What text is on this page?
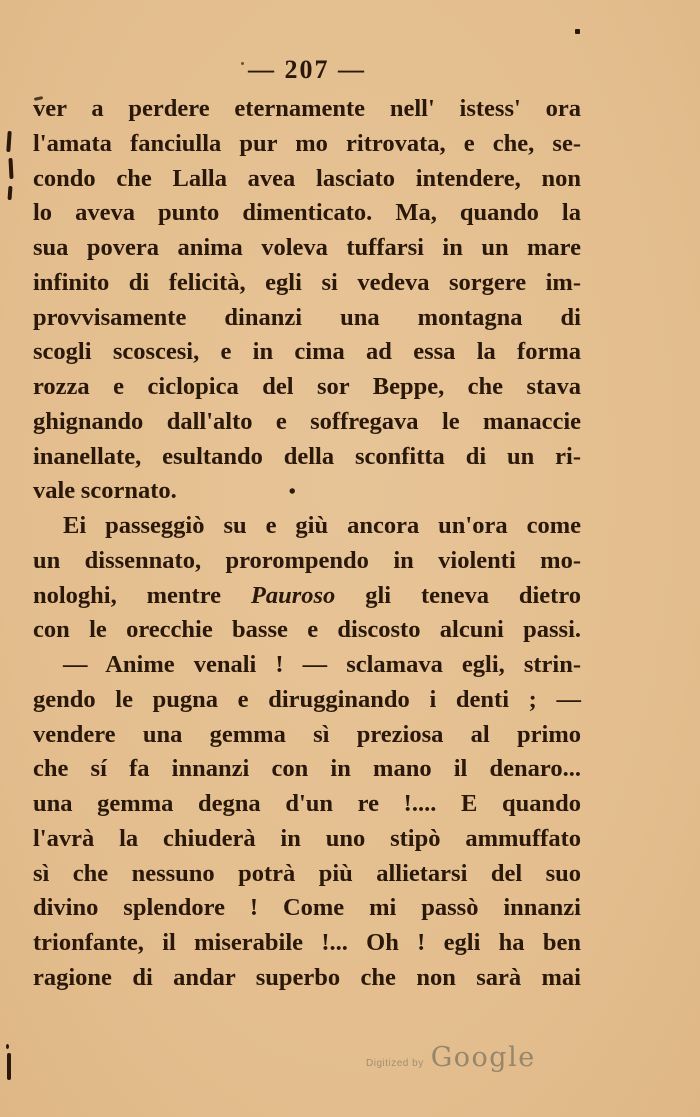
— 207 —
ver a perdere eternamente nell' istess' ora
l'amata fanciulla pur mo ritrovata, e che, se-
condo che Lalla avea lasciato intendere, non
lo aveva punto dimenticato. Ma, quando la
sua povera anima voleva tuffarsi in un mare
infinito di felicità, egli si vedeva sorgere im-
provvisamente dinanzi una montagna di
scogli scoscesi, e in cima ad essa la forma
rozza e ciclopica del sor Beppe, che stava
ghignando dall'alto e soffregava le manaccie
inanellate, esultando della sconfitta di un ri-
vale scornato.	•
Ei passeggiò su e giù ancora un'ora come
un dissennato, prorompendo in violenti mo-
nologhi, mentre Pauroso gli teneva dietro
con le orecchie basse e discosto alcuni passi.
— Anime venali ! — sclamava egli, strin-
gendo le pugna e dirugginando i denti ; —
vendere una gemma sì preziosa al primo
che sí fa innanzi con in mano il denaro...
una gemma degna d'un re !.... E quando
l'avrà la chiuderà in uno stipò ammuffato
sì che nessuno potrà più allietarsi del suo
divino splendore ! Come mi passò innanzi
trionfante, il miserabile !... Oh ! egli ha ben
ragione di andar superbo che non sarà mai
Digitized by Google
